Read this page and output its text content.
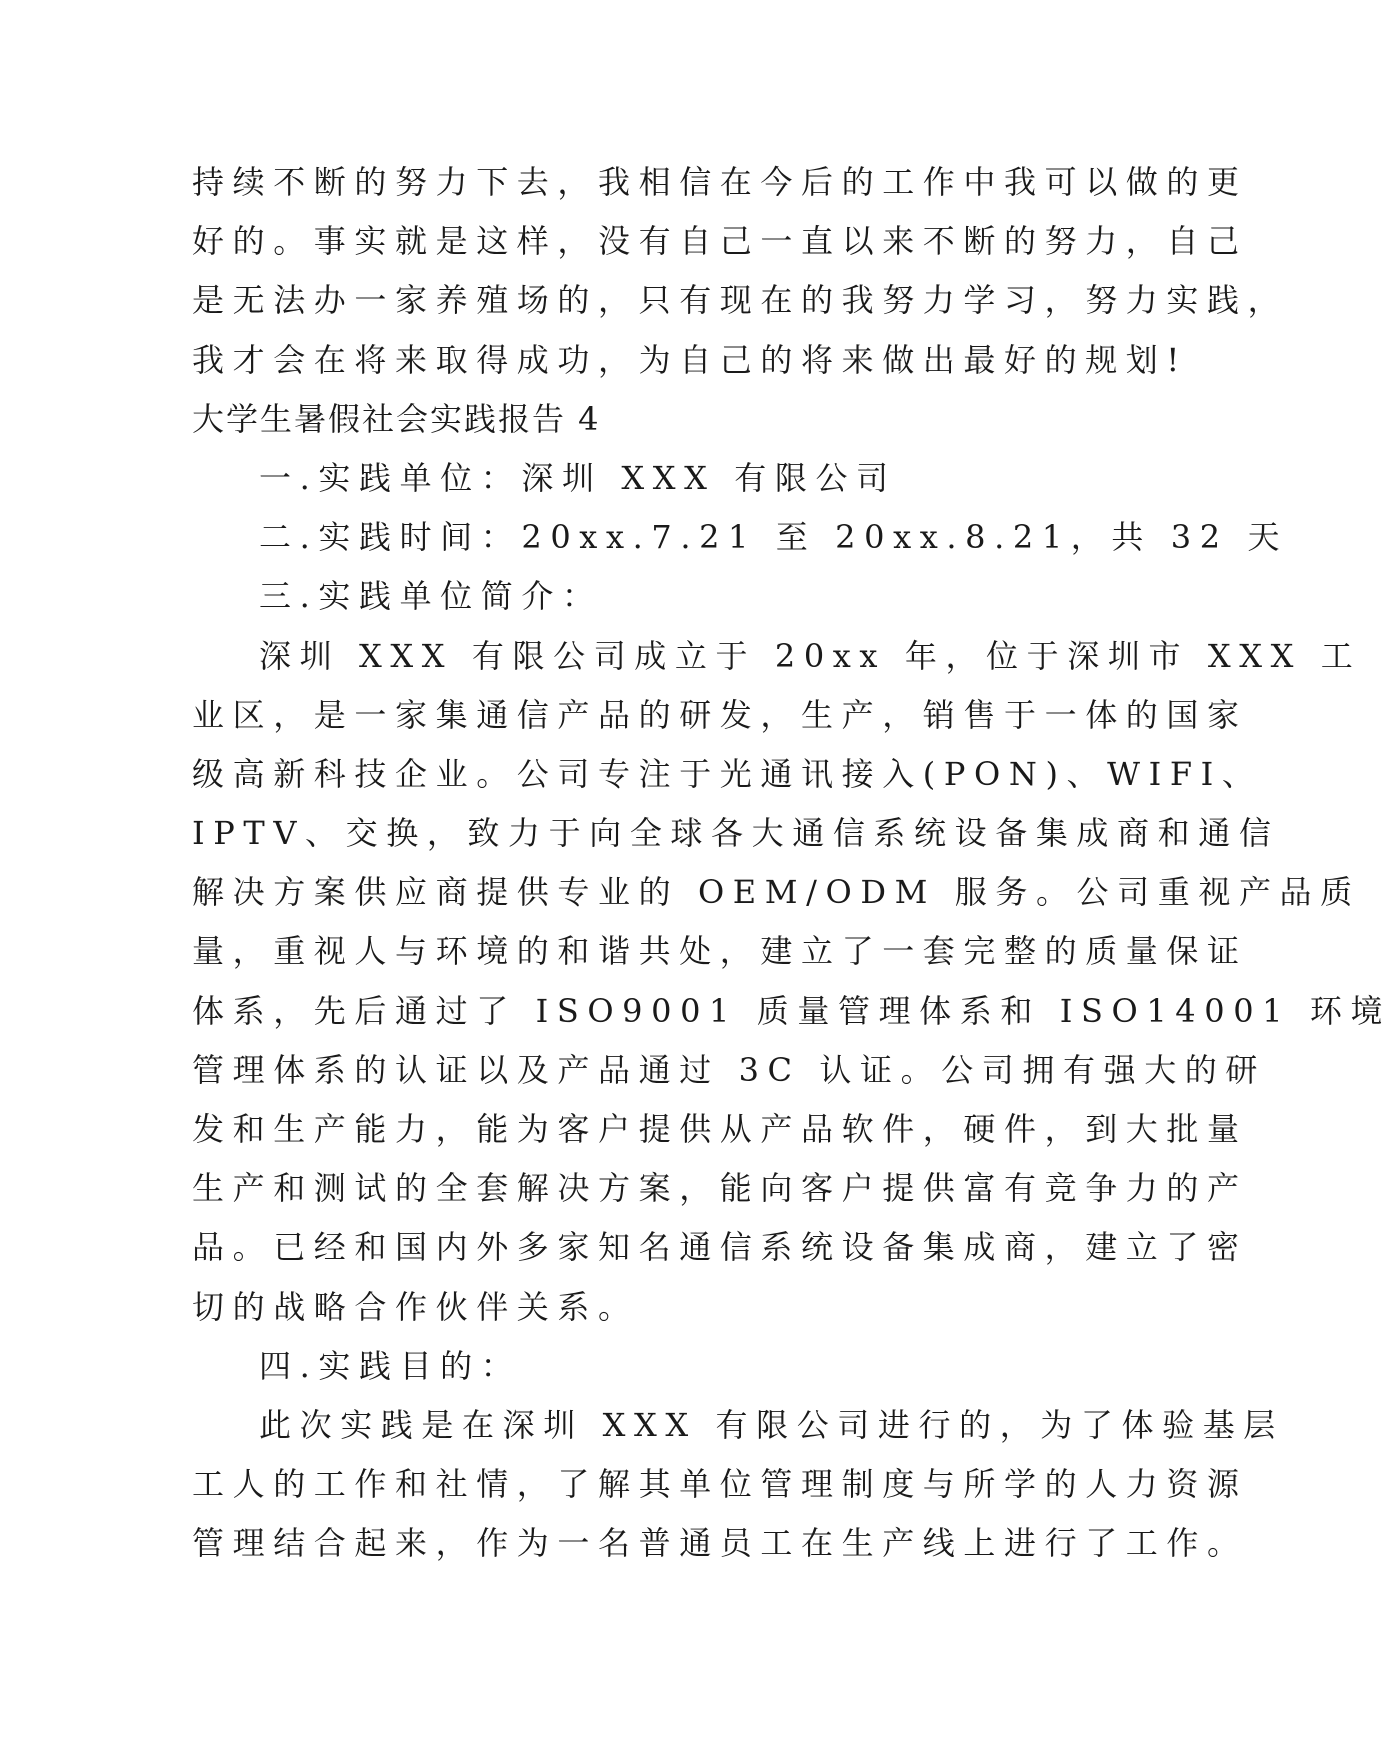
持续不断的努力下去，我相信在今后的工作中我可以做的更
好的。事实就是这样，没有自己一直以来不断的努力，自己
是无法办一家养殖场的，只有现在的我努力学习，努力实践，
我才会在将来取得成功，为自己的将来做出最好的规划!
大学生暑假社会实践报告 4
一.实践单位：深圳 XXX 有限公司
二.实践时间：20xx.7.21 至 20xx.8.21，共 32 天
三.实践单位简介：
深圳 XXX 有限公司成立于 20xx 年，位于深圳市 XXX 工
业区，是一家集通信产品的研发，生产，销售于一体的国家
级高新科技企业。公司专注于光通讯接入(PON)、WIFI、
IPTV、交换，致力于向全球各大通信系统设备集成商和通信
解决方案供应商提供专业的 OEM/ODM 服务。公司重视产品质
量，重视人与环境的和谐共处，建立了一套完整的质量保证
体系，先后通过了 ISO9001 质量管理体系和 ISO14001 环境
管理体系的认证以及产品通过 3C 认证。公司拥有强大的研
发和生产能力，能为客户提供从产品软件，硬件，到大批量
生产和测试的全套解决方案，能向客户提供富有竞争力的产
品。已经和国内外多家知名通信系统设备集成商，建立了密
切的战略合作伙伴关系。
四.实践目的：
此次实践是在深圳 XXX 有限公司进行的，为了体验基层
工人的工作和社情，了解其单位管理制度与所学的人力资源
管理结合起来，作为一名普通员工在生产线上进行了工作。
